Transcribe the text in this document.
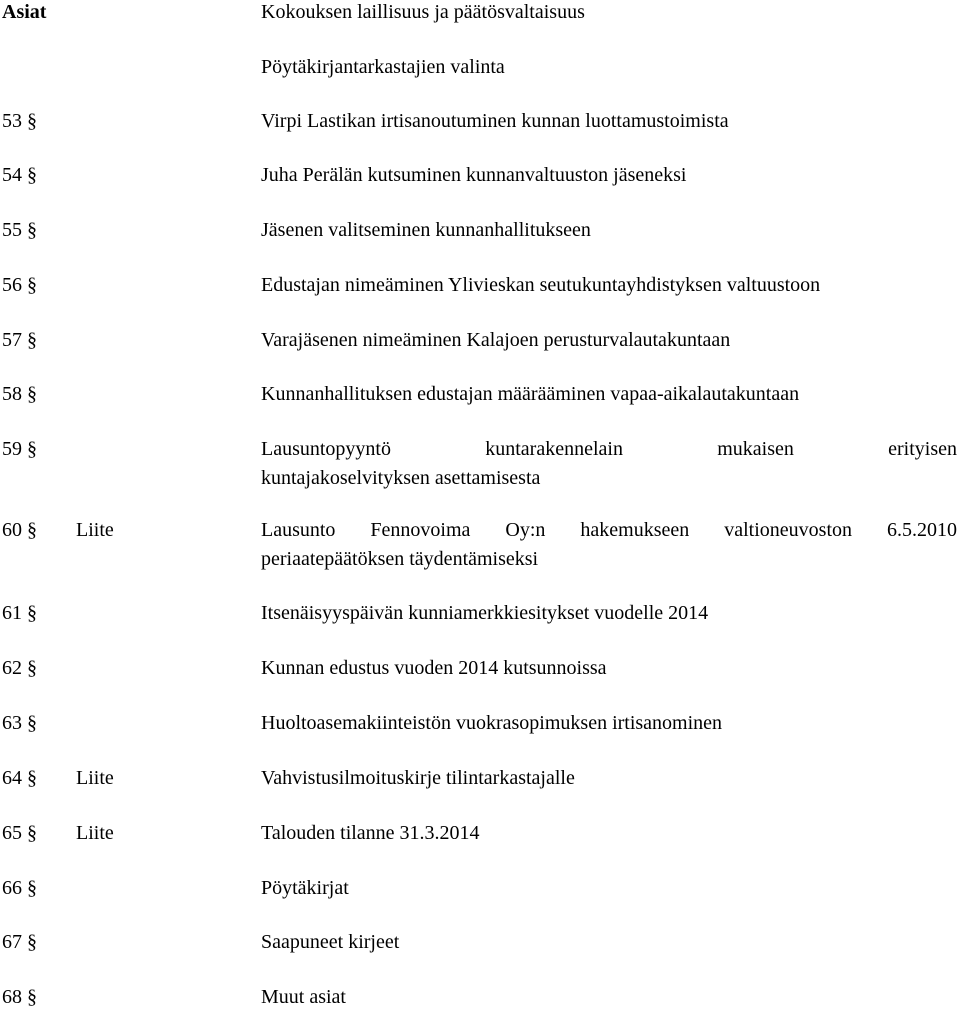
Asiat	Kokouksen laillisuus ja päätösvaltaisuus
Pöytäkirjantarkastajien valinta
53 §	Virpi Lastikan irtisanoutuminen kunnan luottamustoimista
54 §	Juha Perälän kutsuminen kunnanvaltuuston jäseneksi
55 §	Jäsenen valitseminen kunnanhallitukseen
56 §	Edustajan nimeäminen Ylivieskan seutukuntayhdistyksen valtuustoon
57 §	Varajäsenen nimeäminen Kalajoen perusturvalautakuntaan
58 §	Kunnanhallituksen edustajan määrääminen vapaa-aikalautakuntaan
59 §	Lausuntopyyntö	kuntarakennelain	mukaisen	erityisen
kuntajakoselvityksen asettamisesta
60 § Liite	Lausunto Fennovoima Oy:n hakemukseen valtioneuvoston 6.5.2010
periaatepäätöksen täydentämiseksi
61 §	Itsenäisyyspäivän kunniamerkkiesitykset vuodelle 2014
62 §	Kunnan edustus vuoden 2014 kutsunnoissa
63 §	Huoltoasemakiinteistön vuokrasopimuksen irtisanominen
64 § Liite	Vahvistusilmoituskirje tilintarkastajalle
65 § Liite	Talouden tilanne 31.3.2014
66 §	Pöytäkirjat
67 §	Saapuneet kirjeet
68 §	Muut asiat
